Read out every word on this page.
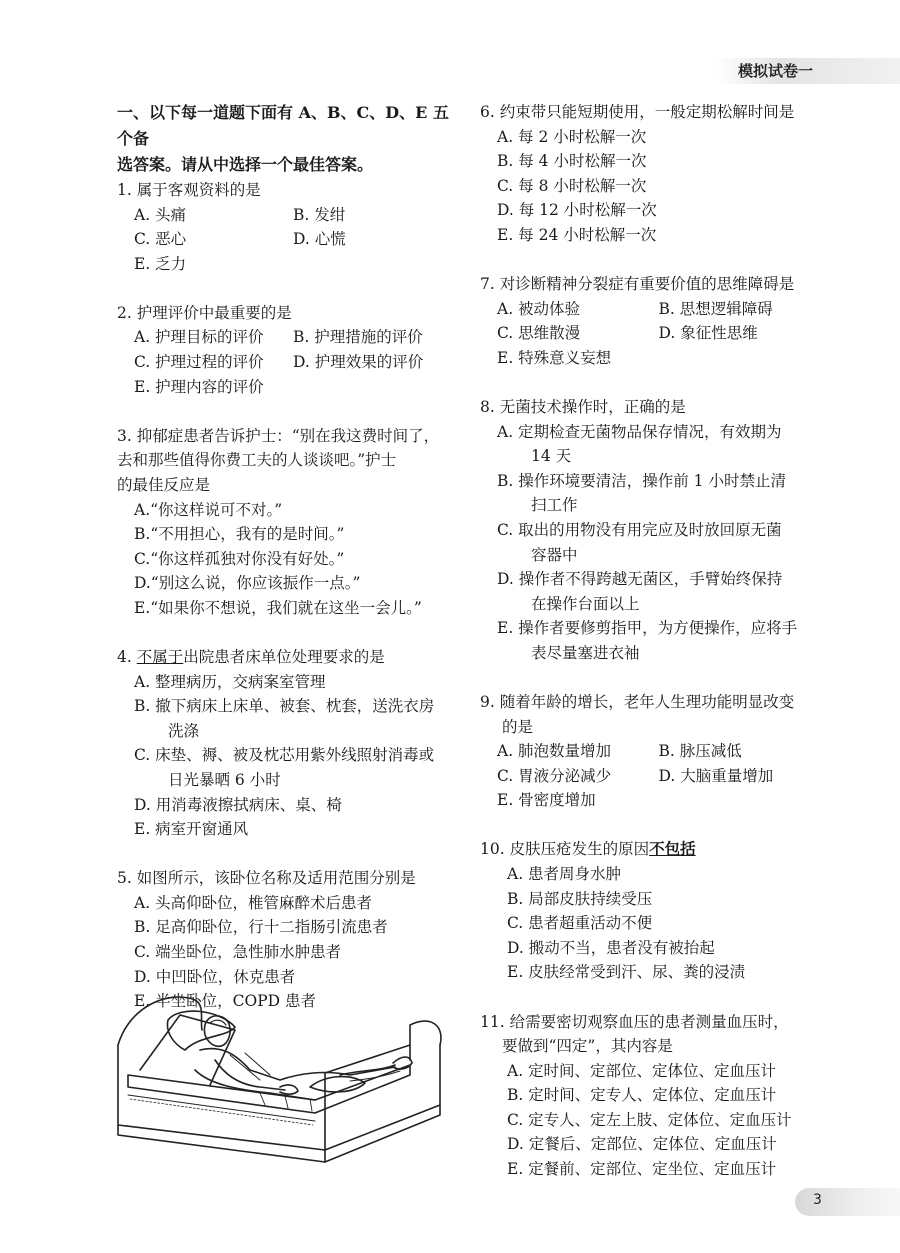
模拟试卷一
一、以下每一道题下面有 A、B、C、D、E 五个备
选答案。请从中选择一个最佳答案。
1. 属于客观资料的是
A. 头痛	B. 发绀
C. 恶心	D. 心慌
E. 乏力
2. 护理评价中最重要的是
A. 护理目标的评价	B. 护理措施的评价
C. 护理过程的评价	D. 护理效果的评价
E. 护理内容的评价
3. 抑郁症患者告诉护士：“别在我这费时间了，
去和那些值得你费工夫的人谈谈吧。”护士
的最佳反应是
A.“你这样说可不对。”
B.“不用担心，我有的是时间。”
C.“你这样孤独对你没有好处。”
D.“别这么说，你应该振作一点。”
E.“如果你不想说，我们就在这坐一会儿。”
4. 不属于出院患者床单位处理要求的是
A. 整理病历，交病案室管理
B. 撤下病床上床单、被套、枕套，送洗衣房
洗涤
C. 床垫、褥、被及枕芯用紫外线照射消毒或
日光暴晒 6 小时
D. 用消毒液擦拭病床、桌、椅
E. 病室开窗通风
5. 如图所示，该卧位名称及适用范围分别是
A. 头高仰卧位，椎管麻醉术后患者
B. 足高仰卧位，行十二指肠引流患者
C. 端坐卧位，急性肺水肿患者
D. 中凹卧位，休克患者
E. 半坐卧位，COPD 患者
6. 约束带只能短期使用，一般定期松解时间是
A. 每 2 小时松解一次
B. 每 4 小时松解一次
C. 每 8 小时松解一次
D. 每 12 小时松解一次
E. 每 24 小时松解一次
7. 对诊断精神分裂症有重要价值的思维障碍是
A. 被动体验	B. 思想逻辑障碍
C. 思维散漫	D. 象征性思维
E. 特殊意义妄想
8. 无菌技术操作时，正确的是
A. 定期检查无菌物品保存情况，有效期为
14 天
B. 操作环境要清洁，操作前 1 小时禁止清
扫工作
C. 取出的用物没有用完应及时放回原无菌
容器中
D. 操作者不得跨越无菌区，手臂始终保持
在操作台面以上
E. 操作者要修剪指甲，为方便操作，应将手
表尽量塞进衣袖
9. 随着年龄的增长，老年人生理功能明显改变
的是
A. 肺泡数量增加	B. 脉压减低
C. 胃液分泌减少	D. 大脑重量增加
E. 骨密度增加
10. 皮肤压疮发生的原因不包括
A. 患者周身水肿
B. 局部皮肤持续受压
C. 患者超重活动不便
D. 搬动不当，患者没有被抬起
E. 皮肤经常受到汗、尿、粪的浸渍
11. 给需要密切观察血压的患者测量血压时，
要做到“四定”，其内容是
A. 定时间、定部位、定体位、定血压计
B. 定时间、定专人、定体位、定血压计
C. 定专人、定左上肢、定体位、定血压计
D. 定餐后、定部位、定体位、定血压计
E. 定餐前、定部位、定坐位、定血压计
3
